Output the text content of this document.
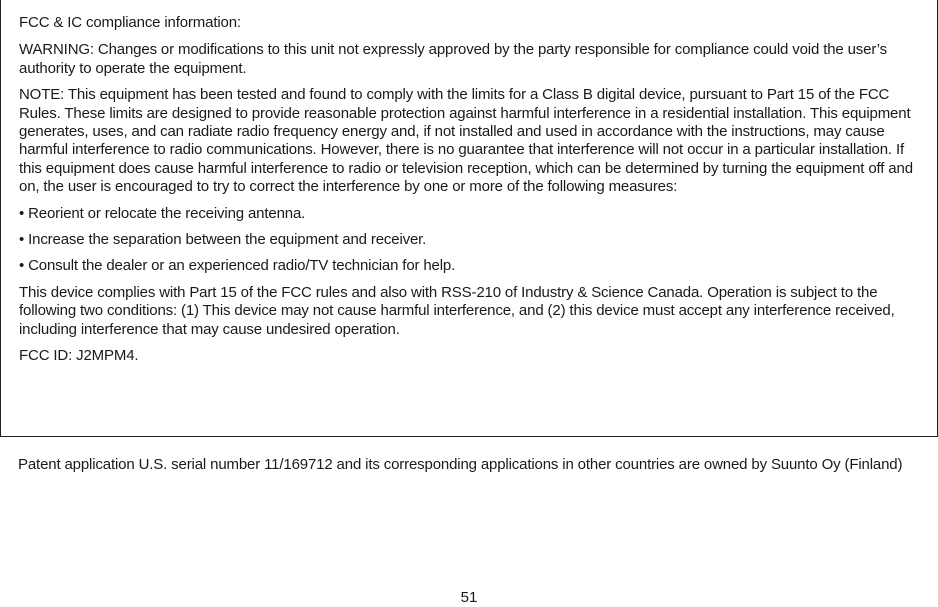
FCC & IC compliance information:

WARNING: Changes or modifications to this unit not expressly approved by the party responsible for compliance could void the user’s authority to operate the equipment.

NOTE: This equipment has been tested and found to comply with the limits for a Class B digital device, pursuant to Part 15 of the FCC Rules. These limits are designed to provide reasonable protection against harmful interference in a residential installation. This equipment generates, uses, and can radiate radio frequency energy and, if not installed and used in accordance with the instructions, may cause harmful interference to radio communications. However, there is no guarantee that interference will not occur in a particular installation. If this equipment does cause harmful interference to radio or television reception, which can be determined by turning the equipment off and on, the user is encouraged to try to correct the interference by one or more of the following measures:

• Reorient or relocate the receiving antenna.

• Increase the separation between the equipment and receiver.

• Consult the dealer or an experienced radio/TV technician for help.

This device complies with Part 15 of the FCC rules and also with RSS-210 of Industry & Science Canada. Operation is subject to the following two conditions: (1) This device may not cause harmful interference, and (2) this device must accept any interference received, including interference that may cause undesired operation.

FCC ID: J2MPM4.

Patent application U.S. serial number 11/169712 and its corresponding applications in other countries are owned by Suunto Oy (Finland)

51
